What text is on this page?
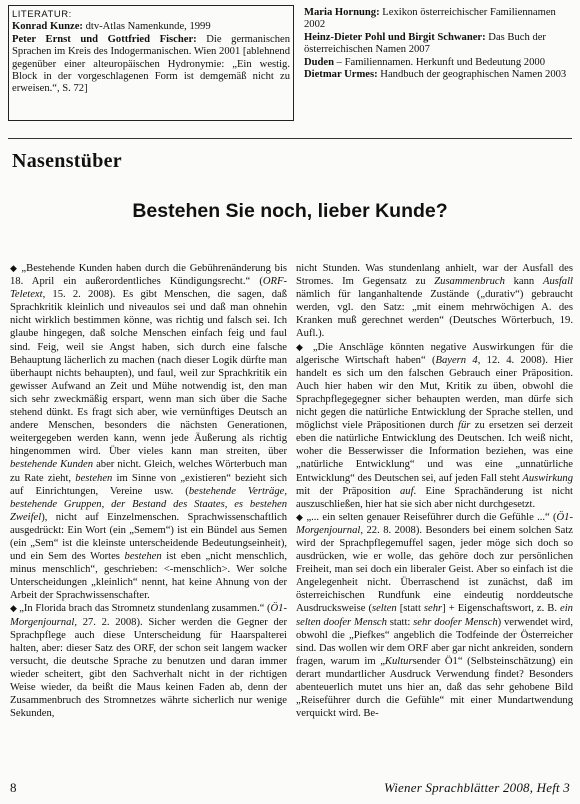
LITERATUR:
Konrad Kunze: dtv-Atlas Namenkunde, 1999
Peter Ernst und Gottfried Fischer: Die germanischen Sprachen im Kreis des Indogermanischen. Wien 2001 [ablehnend gegenüber einer alteuropäischen Hydronymie: „Ein westig. Block in der vorgeschlagenen Form ist demgemäß nicht zu erweisen.“, S. 72]
Maria Hornung: Lexikon österreichischer Familiennamen 2002
Heinz-Dieter Pohl und Birgit Schwaner: Das Buch der österreichischen Namen 2007
Duden – Familiennamen. Herkunft und Bedeutung 2000
Dietmar Urmes: Handbuch der geographischen Namen 2003
Nasenstüber
Bestehen Sie noch, lieber Kunde?

◆ „Bestehende Kunden haben durch die Gebührenänderung bis 18. April ein außerordentliches Kündigungsrecht.“ (ORF-Teletext, 15. 2. 2008). Es gibt Menschen, die sagen, daß Sprachkritik kleinlich und niveaulos sei und daß man ohnehin nicht wirklich bestimmen könne, was richtig und falsch sei. Ich glaube hingegen, daß solche Menschen einfach feig und faul sind. Feig, weil sie Angst haben, sich durch eine falsche Behauptung lächerlich zu machen (nach dieser Logik dürfte man überhaupt nichts behaupten), und faul, weil zur Sprachkritik ein gewisser Aufwand an Zeit und Mühe notwendig ist, den man sich sehr zweckmäßig erspart, wenn man sich über die Sache stehend dünkt. Es fragt sich aber, wie vernünftiges Deutsch an andere Menschen, besonders die nächsten Generationen, weitergegeben werden kann, wenn jede Äußerung als richtig hingenommen wird. Über vieles kann man streiten, über bestehende Kunden aber nicht. Gleich, welches Wörterbuch man zu Rate zieht, bestehen im Sinne von „existieren“ bezieht sich auf Einrichtungen, Vereine usw. (bestehende Verträge, bestehende Gruppen, der Bestand des Staates, es bestehen Zweifel), nicht auf Einzelmenschen. Sprachwissenschaftlich ausgedrückt: Ein Wort (ein „Semem“) ist ein Bündel aus Semen (ein „Sem“ ist die kleinste unterscheidende Bedeutungseinheit), und ein Sem des Wortes bestehen ist eben „nicht menschlich, minus menschlich“, geschrieben: <-menschlich>. Wer solche Unterscheidungen „kleinlich“ nennt, hat keine Ahnung von der Arbeit der Sprachwissenschafter.

◆ „In Florida brach das Stromnetz stundenlang zusammen.“ (Ö1-Morgenjournal, 27. 2. 2008). Sicher werden die Gegner der Sprachpflege auch diese Unterscheidung für Haarspalterei halten, aber: dieser Satz des ORF, der schon seit langem wacker versucht, die deutsche Sprache zu benutzen und daran immer wieder scheitert, gibt den Sachverhalt nicht in der richtigen Weise wieder, da beißt die Maus keinen Faden ab, denn der Zusammenbruch des Stromnetzes währte sicherlich nur wenige Sekunden,

nicht Stunden. Was stundenlang anhielt, war der Ausfall des Stromes. Im Gegensatz zu Zusammenbruch kann Ausfall nämlich für langanhaltende Zustände („durativ“) gebraucht werden, vgl. den Satz: „mit einem mehrwöchigen A. des Kranken muß gerechnet werden“ (Deutsches Wörterbuch, 19. Aufl.).

◆ „Die Anschläge könnten negative Auswirkungen für die algerische Wirtschaft haben“ (Bayern 4, 12. 4. 2008). Hier handelt es sich um den falschen Gebrauch einer Präposition. Auch hier haben wir den Mut, Kritik zu üben, obwohl die Sprachpflegegegner sicher behaupten werden, man dürfe sich nicht gegen die natürliche Entwicklung der Sprache stellen, und möglichst viele Präpositionen durch für zu ersetzen sei derzeit eben die natürliche Entwicklung des Deutschen. Ich weiß nicht, woher die Besserwisser die Information beziehen, was eine „natürliche Entwicklung“ und was eine „unnatürliche Entwicklung“ des Deutschen sei, auf jeden Fall steht Auswirkung mit der Präposition auf. Eine Sprachänderung ist nicht auszuschließen, hier hat sie sich aber nicht durchgesetzt.

◆ „... ein selten genauer Reiseführer durch die Gefühle ...“ (Ö1-Morgenjournal, 22. 8. 2008). Besonders bei einem solchen Satz wird der Sprachpflegemuffel sagen, jeder möge sich doch so ausdrücken, wie er wolle, das gehöre doch zur persönlichen Freiheit, man sei doch ein liberaler Geist. Aber so einfach ist die Angelegenheit nicht. Überraschend ist zunächst, daß im österreichischen Rundfunk eine eindeutig norddeutsche Ausdrucksweise (selten [statt sehr] + Eigenschaftswort, z. B. ein selten doofer Mensch statt: sehr doofer Mensch) verwendet wird, obwohl die „Piefkes“ angeblich die Todfeinde der Österreicher sind. Das wollen wir dem ORF aber gar nicht ankreiden, sondern fragen, warum im „Kultursender Ö1“ (Selbsteinschätzung) ein derart mundartlicher Ausdruck Verwendung findet? Besonders abenteuerlich mutet uns hier an, daß das sehr gehobene Bild „Reiseführer durch die Gefühle“ mit einer Mundartwendung verquickt wird. Be-

8	Wiener Sprachblätter 2008, Heft 3
